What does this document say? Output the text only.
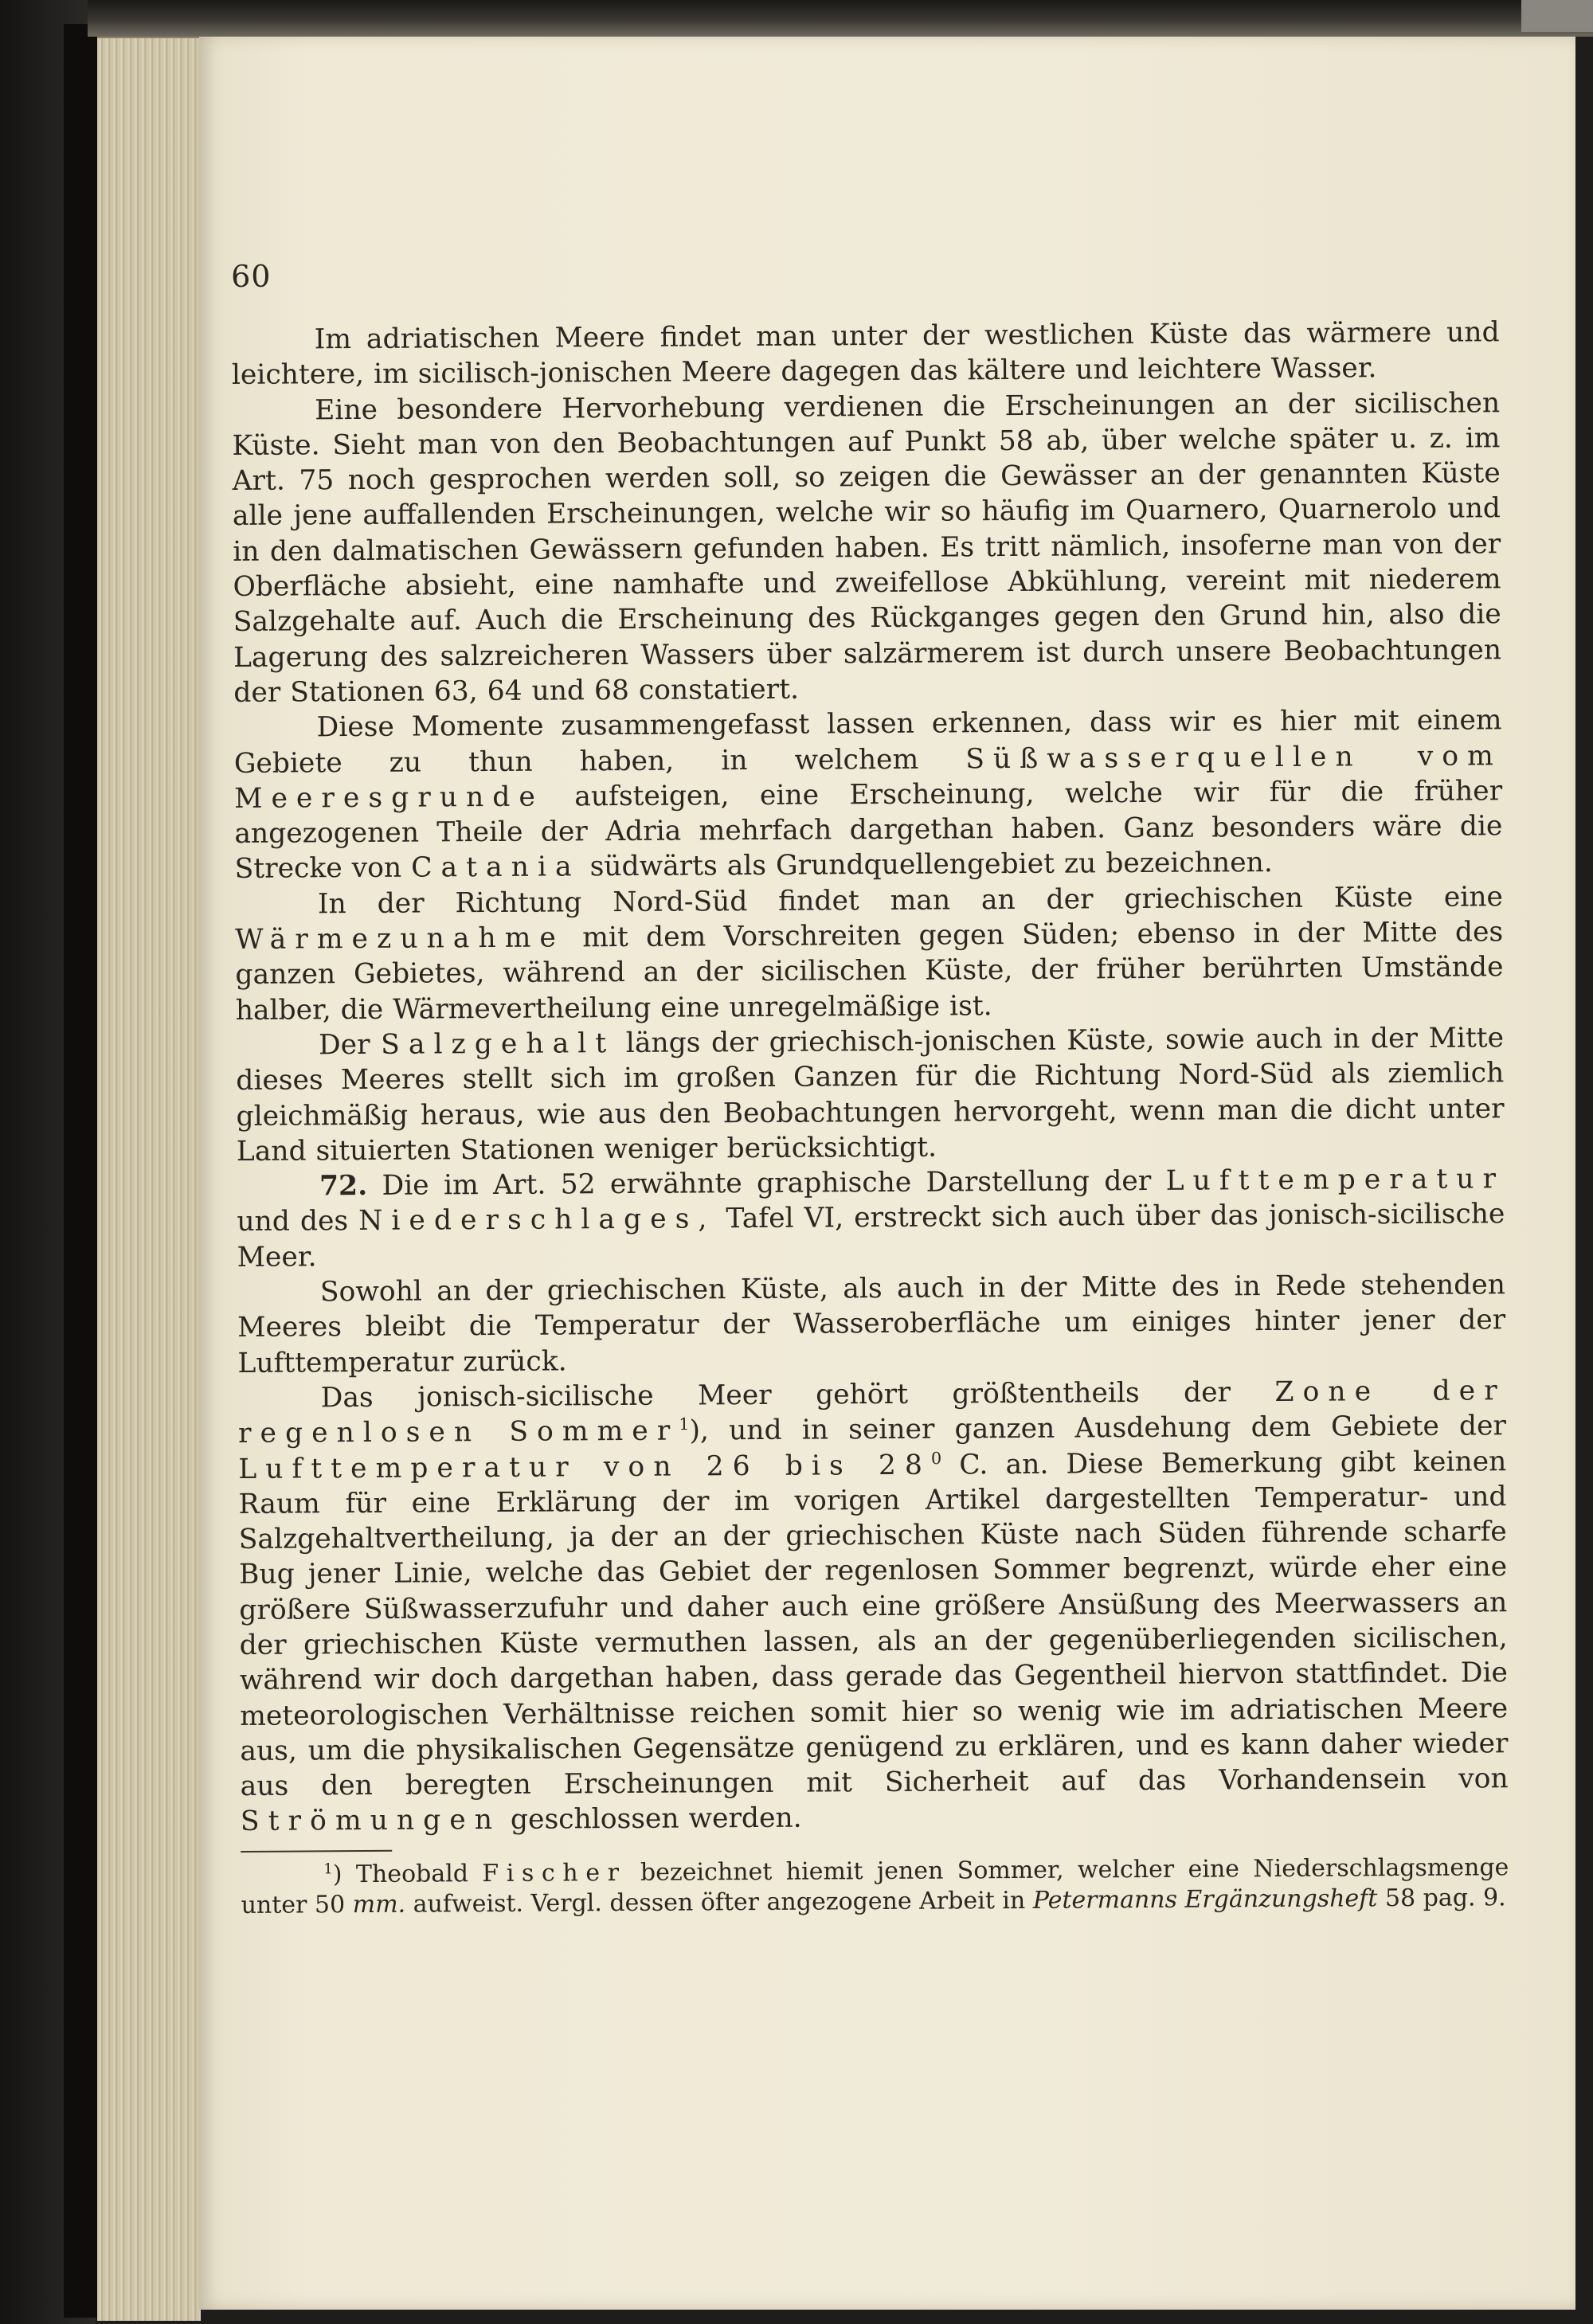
60

Im adriatischen Meere findet man unter der westlichen Küste das wärmere und leichtere, im sicilisch-jonischen Meere dagegen das kältere und leichtere Wasser.

Eine besondere Hervorhebung verdienen die Erscheinungen an der sicilischen Küste. Sieht man von den Beobachtungen auf Punkt 58 ab, über welche später u. z. im Art. 75 noch gesprochen werden soll, so zeigen die Gewässer an der genannten Küste alle jene auffallenden Erscheinungen, welche wir so häufig im Quarnero, Quarnerolo und in den dalmatischen Gewässern gefunden haben. Es tritt nämlich, insoferne man von der Oberfläche absieht, eine namhafte und zweifellose Abkühlung, vereint mit niederem Salzgehalte auf. Auch die Erscheinung des Rückganges gegen den Grund hin, also die Lagerung des salzreicheren Wassers über salzärmerem ist durch unsere Beobachtungen der Stationen 63, 64 und 68 constatiert.

Diese Momente zusammengefasst lassen erkennen, dass wir es hier mit einem Gebiete zu thun haben, in welchem Süßwasserquellen vom Meeresgrunde aufsteigen, eine Erscheinung, welche wir für die früher angezogenen Theile der Adria mehrfach dargethan haben. Ganz besonders wäre die Strecke von Catania südwärts als Grundquellengebiet zu bezeichnen.

In der Richtung Nord-Süd findet man an der griechischen Küste eine Wärmezunahme mit dem Vorschreiten gegen Süden; ebenso in der Mitte des ganzen Gebietes, während an der sicilischen Küste, der früher berührten Umstände halber, die Wärmevertheilung eine unregelmäßige ist.

Der Salzgehalt längs der griechisch-jonischen Küste, sowie auch in der Mitte dieses Meeres stellt sich im großen Ganzen für die Richtung Nord-Süd als ziemlich gleichmäßig heraus, wie aus den Beobachtungen hervorgeht, wenn man die dicht unter Land situierten Stationen weniger berücksichtigt.

72. Die im Art. 52 erwähnte graphische Darstellung der Lufttemperatur und des Niederschlages, Tafel VI, erstreckt sich auch über das jonisch-sicilische Meer.

Sowohl an der griechischen Küste, als auch in der Mitte des in Rede stehenden Meeres bleibt die Temperatur der Wasseroberfläche um einiges hinter jener der Lufttemperatur zurück.

Das jonisch-sicilische Meer gehört größtentheils der Zone der regenlosen Sommer$^1$), und in seiner ganzen Ausdehung dem Gebiete der Lufttemperatur von 26 bis $28^0$ C. an. Diese Bemerkung gibt keinen Raum für eine Erklärung der im vorigen Artikel dargestellten Temperatur- und Salzgehaltvertheilung, ja der an der griechischen Küste nach Süden führende scharfe Bug jener Linie, welche das Gebiet der regenlosen Sommer begrenzt, würde eher eine größere Süßwasserzufuhr und daher auch eine größere Ansüßung des Meerwassers an der griechischen Küste vermuthen lassen, als an der gegenüberliegenden sicilischen, während wir doch dargethan haben, dass gerade das Gegentheil hiervon stattfindet. Die meteorologischen Verhältnisse reichen somit hier so wenig wie im adriatischen Meere aus, um die physikalischen Gegensätze genügend zu erklären, und es kann daher wieder aus den beregten Erscheinungen mit Sicherheit auf das Vorhandensein von Strömungen geschlossen werden.

$^1$) Theobald Fischer bezeichnet hiemit jenen Sommer, welcher eine Niederschlagsmenge unter 50 mm. aufweist. Vergl. dessen öfter angezogene Arbeit in Petermanns Ergänzungsheft 58 pag. 9.
